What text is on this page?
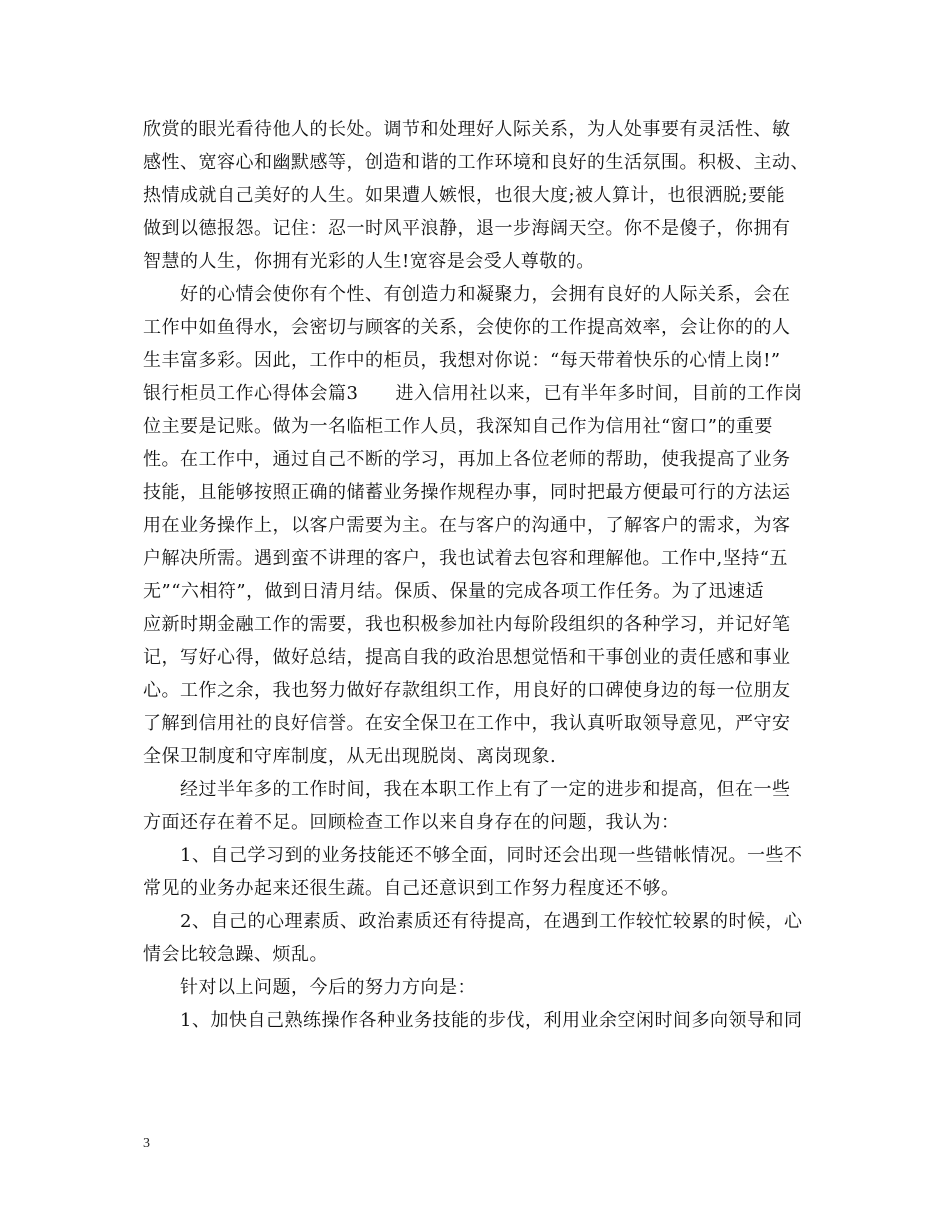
欣赏的眼光看待他人的长处。调节和处理好人际关系，为人处事要有灵活性、敏
感性、宽容心和幽默感等，创造和谐的工作环境和良好的生活氛围。积极、主动、
热情成就自己美好的人生。如果遭人嫉恨，也很大度;被人算计，也很洒脱;要能
做到以德报怨。记住：忍一时风平浪静，退一步海阔天空。你不是傻子，你拥有
智慧的人生，你拥有光彩的人生!宽容是会受人尊敬的。
　　好的心情会使你有个性、有创造力和凝聚力，会拥有良好的人际关系，会在
工作中如鱼得水，会密切与顾客的关系，会使你的工作提高效率，会让你的的人
生丰富多彩。因此，工作中的柜员，我想对你说：“每天带着快乐的心情上岗!”
银行柜员工作心得体会篇3　　进入信用社以来，已有半年多时间，目前的工作岗
位主要是记账。做为一名临柜工作人员，我深知自己作为信用社“窗口”的重要
性。在工作中，通过自己不断的学习，再加上各位老师的帮助，使我提高了业务
技能，且能够按照正确的储蓄业务操作规程办事，同时把最方便最可行的方法运
用在业务操作上，以客户需要为主。在与客户的沟通中，了解客户的需求，为客
户解决所需。遇到蛮不讲理的客户，我也试着去包容和理解他。工作中,坚持“五
无”“六相符”，做到日清月结。保质、保量的完成各项工作任务。为了迅速适
应新时期金融工作的需要，我也积极参加社内每阶段组织的各种学习，并记好笔
记，写好心得，做好总结，提高自我的政治思想觉悟和干事创业的责任感和事业
心。工作之余，我也努力做好存款组织工作，用良好的口碑使身边的每一位朋友
了解到信用社的良好信誉。在安全保卫在工作中，我认真听取领导意见，严守安
全保卫制度和守库制度，从无出现脱岗、离岗现象.
　　经过半年多的工作时间，我在本职工作上有了一定的进步和提高，但在一些
方面还存在着不足。回顾检查工作以来自身存在的问题，我认为：
　　1、自己学习到的业务技能还不够全面，同时还会出现一些错帐情况。一些不
常见的业务办起来还很生蔬。自己还意识到工作努力程度还不够。
　　2、自己的心理素质、政治素质还有待提高，在遇到工作较忙较累的时候，心
情会比较急躁、烦乱。
　　针对以上问题，今后的努力方向是：
　　1、加快自己熟练操作各种业务技能的步伐，利用业余空闲时间多向领导和同
3
